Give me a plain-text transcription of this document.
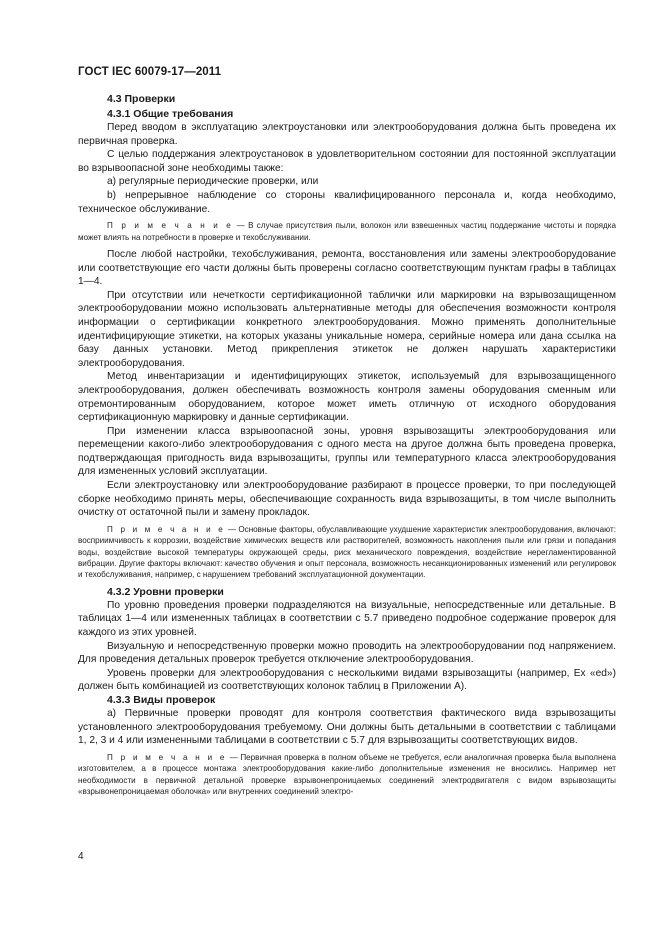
ГОСТ IEC 60079-17—2011

4.3 Проверки

4.3.1 Общие требования

Перед вводом в эксплуатацию электроустановки или электрооборудования должна быть проведена их первичная проверка.

С целью поддержания электроустановок в удовлетворительном состоянии для постоянной эксплуатации во взрывоопасной зоне необходимы также:

a) регулярные периодические проверки, или

b) непрерывное наблюдение со стороны квалифицированного персонала и, когда необходимо, техническое обслуживание.

П р и м е ч а н и е — В случае присутствия пыли, волокон или взвешенных частиц поддержание чистоты и порядка может влиять на потребности в проверке и техобслуживании.

После любой настройки, техобслуживания, ремонта, восстановления или замены электрооборудование или соответствующие его части должны быть проверены согласно соответствующим пунктам графы в таблицах 1—4.

При отсутствии или нечеткости сертификационной таблички или маркировки на взрывозащищенном электрооборудовании можно использовать альтернативные методы для обеспечения возможности контроля информации о сертификации конкретного электрооборудования. Можно применять дополнительные идентифицирующие этикетки, на которых указаны уникальные номера, серийные номера или дана ссылка на базу данных установки. Метод прикрепления этикеток не должен нарушать характеристики электрооборудования.

Метод инвентаризации и идентифицирующих этикеток, используемый для взрывозащищенного электрооборудования, должен обеспечивать возможность контроля замены оборудования сменным или отремонтированным оборудованием, которое может иметь отличную от исходного оборудования сертификационную маркировку и данные сертификации.

При изменении класса взрывоопасной зоны, уровня взрывозащиты электрооборудования или перемещении какого-либо электрооборудования с одного места на другое должна быть проведена проверка, подтверждающая пригодность вида взрывозащиты, группы или температурного класса электрооборудования для измененных условий эксплуатации.

Если электроустановку или электрооборудование разбирают в процессе проверки, то при последующей сборке необходимо принять меры, обеспечивающие сохранность вида взрывозащиты, в том числе выполнить очистку от остаточной пыли и замену прокладок.

П р и м е ч а н и е — Основные факторы, обуславливающие ухудшение характеристик электрооборудования, включают: восприимчивость к коррозии, воздействие химических веществ или растворителей, возможность накопления пыли или грязи и попадания воды, воздействие высокой температуры окружающей среды, риск механического повреждения, воздействие нерегламентированной вибрации. Другие факторы включают: качество обучения и опыт персонала, возможность несанкционированных изменений или регулировок и техобслуживания, например, с нарушением требований эксплуатационной документации.

4.3.2 Уровни проверки

По уровню проведения проверки подразделяются на визуальные, непосредственные или детальные. В таблицах 1—4 или измененных таблицах в соответствии с 5.7 приведено подробное содержание проверок для каждого из этих уровней.

Визуальную и непосредственную проверки можно проводить на электрооборудовании под напряжением. Для проведения детальных проверок требуется отключение электрооборудования.

Уровень проверки для электрооборудования с несколькими видами взрывозащиты (например, Ex «ed») должен быть комбинацией из соответствующих колонок таблиц в Приложении А).

4.3.3 Виды проверок

а) Первичные проверки проводят для контроля соответствия фактического вида взрывозащиты установленного электрооборудования требуемому. Они должны быть детальными в соответствии с таблицами 1, 2, 3 и 4 или измененными таблицами в соответствии с 5.7 для взрывозащиты соответствующих видов.

П р и м е ч а н и е — Первичная проверка в полном объеме не требуется, если аналогичная проверка была выполнена изготовителем, а в процессе монтажа электрооборудования какие-либо дополнительные изменения не вносились. Например нет необходимости в первичной детальной проверке взрывонепроницаемых соединений электродвигателя с видом взрывозащиты «взрывонепроницаемая оболочка» или внутренних соединений электро-

4
